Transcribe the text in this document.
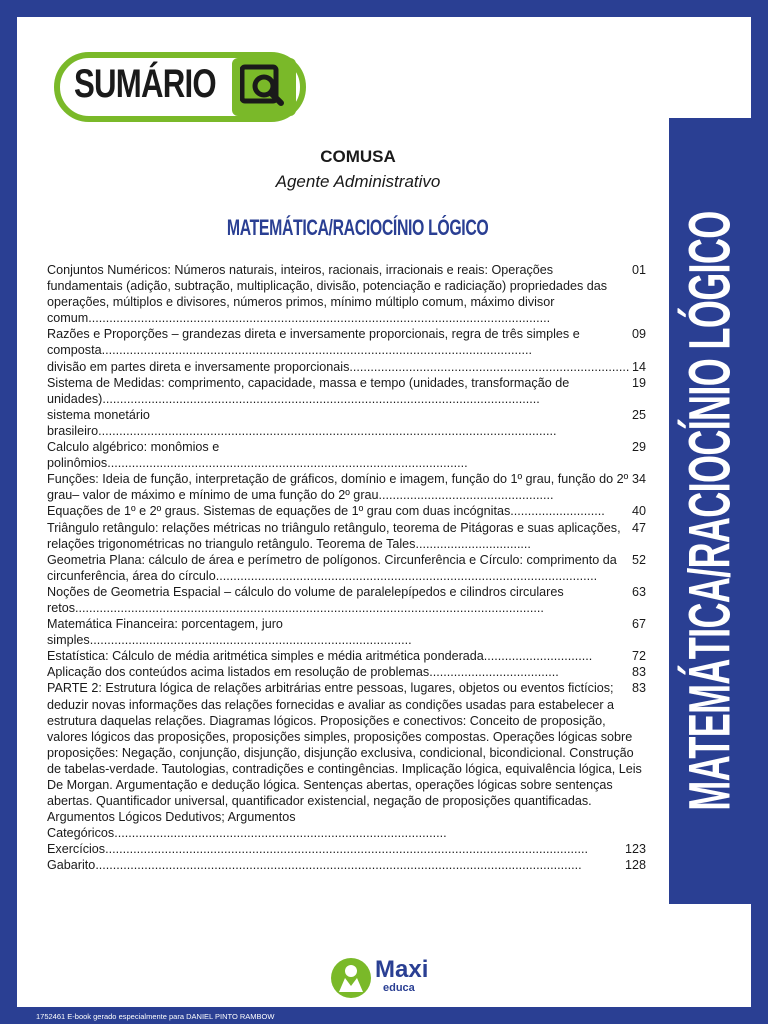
MATEMÁTICA/RACIOCÍNIO LÓGICO
SUMÁRIO
COMUSA
Agente Administrativo
MATEMÁTICA/RACIOCÍNIO LÓGICO
01
Conjuntos Numéricos: Números naturais, inteiros, racionais, irracionais e reais: Operações fundamentais (adição, subtração, multiplicação, divisão, potenciação e radiciação) propriedades das operações, múltiplos e divisores, números primos, mínimo múltiplo comum, máximo divisor comum....................................................................................................................................
09
Razões e Proporções – grandezas direta e inversamente proporcionais, regra de três simples e composta...........................................................................................................................
14
divisão em partes direta e inversamente proporcionais................................................................................
19
Sistema de Medidas: comprimento, capacidade, massa e tempo (unidades, transformação de unidades).............................................................................................................................
25
sistema monetário brasileiro...................................................................................................................................
29
Calculo algébrico: monômios e polinômios.......................................................................................................
34
Funções: Ideia de função, interpretação de gráficos, domínio e imagem, função do 1º grau, função do 2º grau– valor de máximo e mínimo de uma função do 2º grau..................................................
40
Equações de 1º e 2º graus. Sistemas de equações de 1º grau com duas incógnitas...........................
47
Triângulo retângulo: relações métricas no triângulo retângulo, teorema de Pitágoras e suas aplicações, relações trigonométricas no triangulo retângulo. Teorema de Tales.................................
52
Geometria Plana: cálculo de área e perímetro de polígonos. Circunferência e Círculo: comprimento da circunferência, área do círculo.............................................................................................................
63
Noções de Geometria Espacial – cálculo do volume de paralelepípedos e cilindros circulares retos......................................................................................................................................
67
Matemática Financeira: porcentagem, juro simples............................................................................................
72
Estatística: Cálculo de média aritmética simples e média aritmética ponderada...............................
83
Aplicação dos conteúdos acima listados em resolução de problemas.....................................
83
PARTE 2: Estrutura lógica de relações arbitrárias entre pessoas, lugares, objetos ou eventos fictícios; deduzir novas informações das relações fornecidas e avaliar as condições usadas para estabelecer a estrutura daquelas relações. Diagramas lógicos. Proposições e conectivos: Conceito de proposição, valores lógicos das proposições, proposições simples, proposições compostas. Operações lógicas sobre proposições: Negação, conjunção, disjunção, disjunção exclusiva, condicional, bicondicional. Construção de tabelas-verdade. Tautologias, contradições e contingências. Implicação lógica, equivalência lógica, Leis De Morgan. Argumentação e dedução lógica. Sentenças abertas, operações lógicas sobre sentenças abertas. Quantificador universal, quantificador existencial, negação de proposições quantificadas. Argumentos Lógicos Dedutivos; Argumentos Categóricos...............................................................................................
123
Exercícios..........................................................................................................................................
128
Gabarito...........................................................................................................................................
Maxi
educa
1752461 E-book gerado especialmente para DANIEL PINTO RAMBOW
